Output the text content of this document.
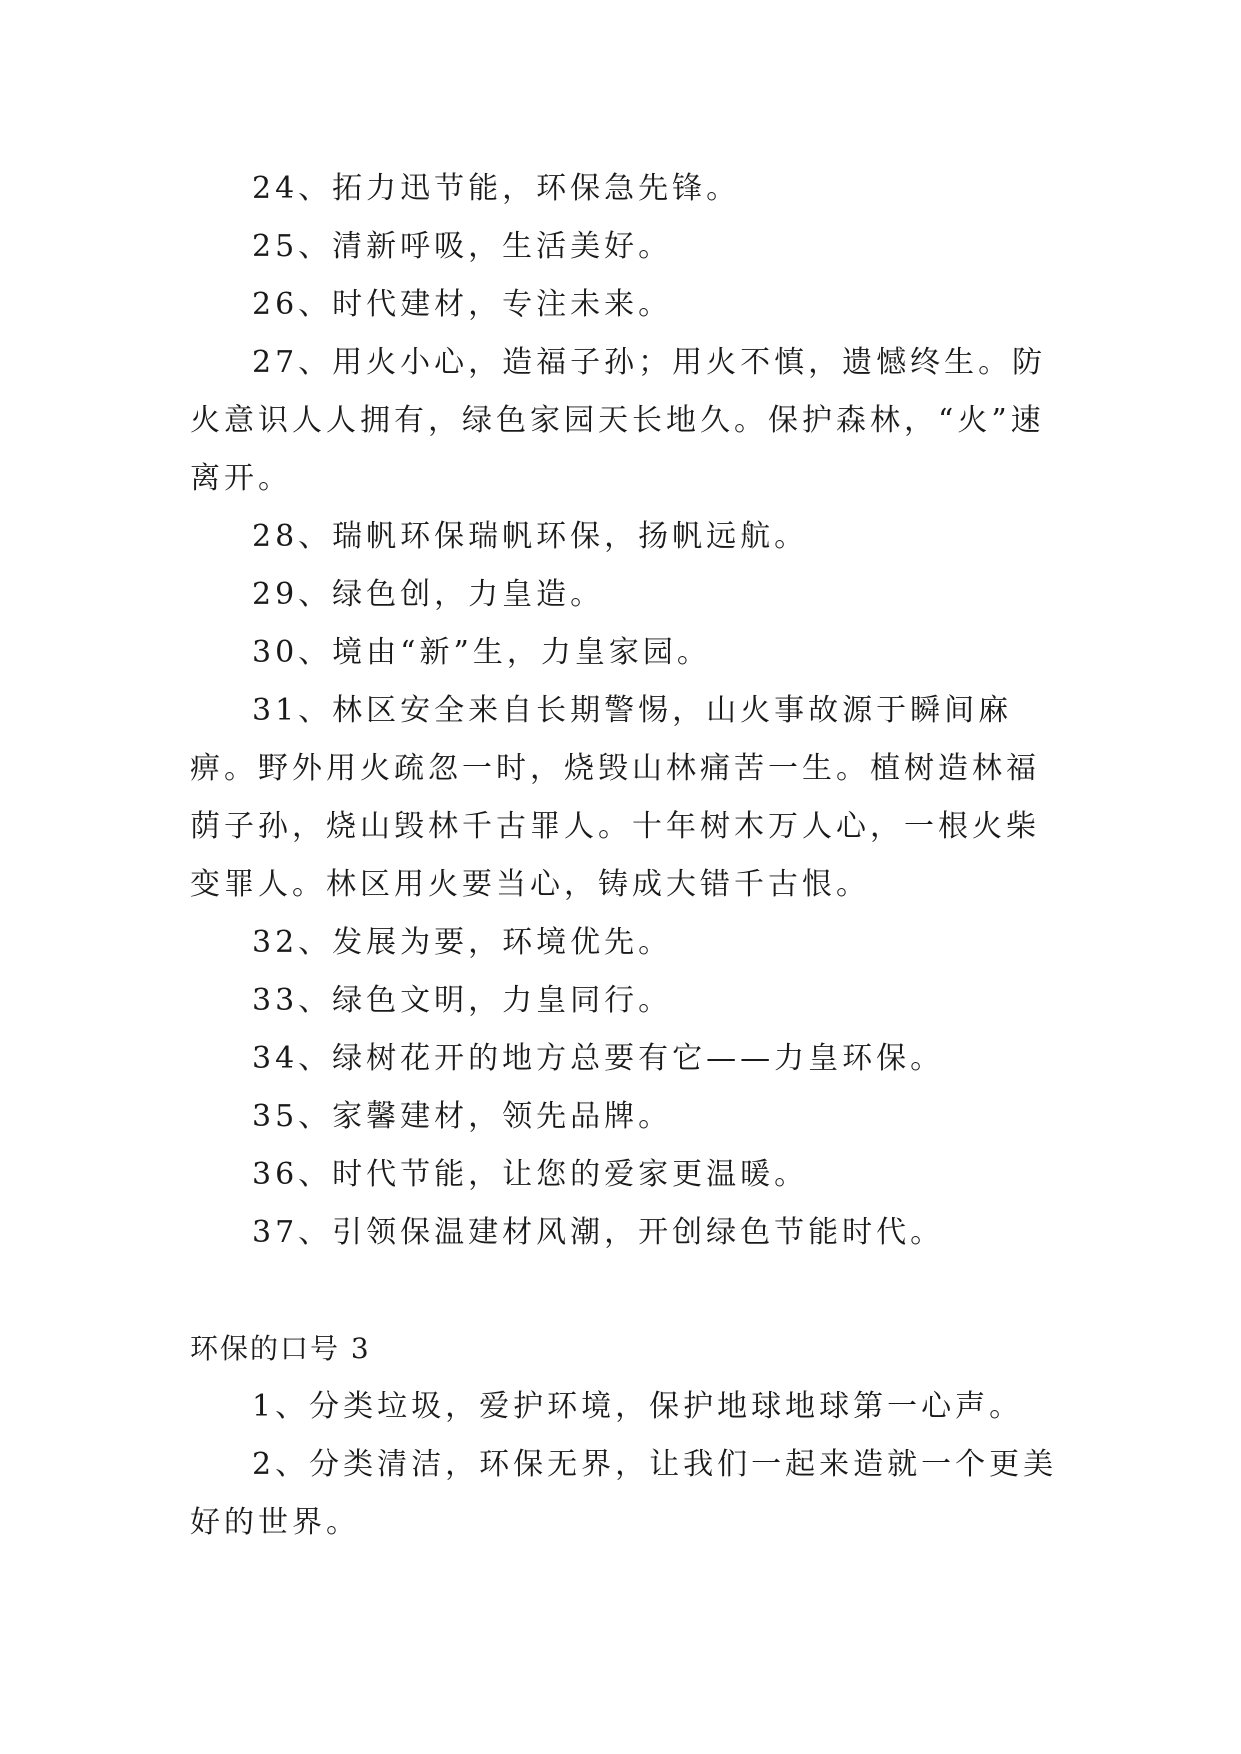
24、拓力迅节能，环保急先锋。

25、清新呼吸，生活美好。

26、时代建材，专注未来。

27、用火小心，造福子孙；用火不慎，遗憾终生。防火意识人人拥有，绿色家园天长地久。保护森林，“火”速离开。

28、瑞帆环保瑞帆环保，扬帆远航。

29、绿色创，力皇造。

30、境由“新”生，力皇家园。

31、林区安全来自长期警惕，山火事故源于瞬间麻痹。野外用火疏忽一时，烧毁山林痛苦一生。植树造林福荫子孙，烧山毁林千古罪人。十年树木万人心，一根火柴变罪人。林区用火要当心，铸成大错千古恨。

32、发展为要，环境优先。

33、绿色文明，力皇同行。

34、绿树花开的地方总要有它——力皇环保。

35、家馨建材，领先品牌。

36、时代节能，让您的爱家更温暖。

37、引领保温建材风潮，开创绿色节能时代。

环保的口号 3

1、分类垃圾，爱护环境，保护地球地球第一心声。

2、分类清洁，环保无界，让我们一起来造就一个更美好的世界。
